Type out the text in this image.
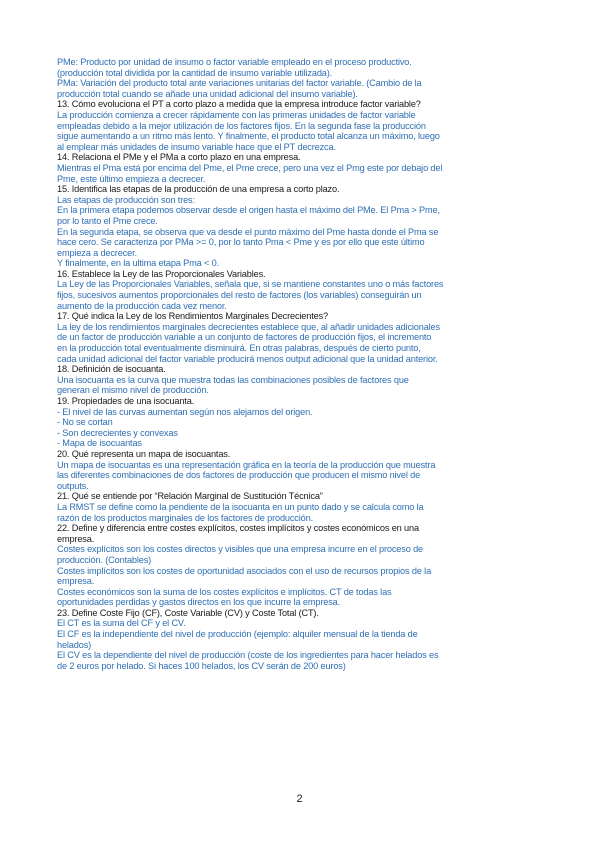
PMe: Producto por unidad de insumo o factor variable empleado en el proceso productivo.
(producción total dividida por la cantidad de insumo variable utilizada).
PMa: Variación del producto total ante variaciones unitarias del factor variable. (Cambio de la
producción total cuando se añade una unidad adicional del insumo variable).
13. Cómo evoluciona el PT a corto plazo a medida que la empresa introduce factor variable?
La producción comienza a crecer rápidamente con las primeras unidades de factor variable
empleadas debido a la mejor utilización de los factores fijos. En la segunda fase la producción
sigue aumentando a un ritmo más lento. Y finalmente, el producto total alcanza un máximo, luego
al emplear más unidades de insumo variable hace que el PT decrezca.
14. Relaciona el PMe y el PMa a corto plazo en una empresa.
Mientras el Pma está por encima del Pme, el Pme crece, pero una vez el Pmg este por debajo del
Pme, este último empieza a decrecer.
15. Identifica las etapas de la producción de una empresa a corto plazo.
Las etapas de producción son tres:
En la primera etapa podemos observar desde el origen hasta el máximo del PMe. El Pma > Pme,
por lo tanto el Pme crece.
En la segunda etapa, se observa que va desde el punto máximo del Pme hasta donde el Pma se
hace cero. Se caracteriza por PMa >= 0, por lo tanto Pma < Pme y es por ello que este último
empieza a decrecer.
Y finalmente, en la ultima etapa Pma < 0.
16. Establece la Ley de las Proporcionales Variables.
La Ley de las Proporcionales Variables, señala que, si se mantiene constantes uno o más factores
fijos, sucesivos aumentos proporcionales del resto de factores (los variables) conseguirán un
aumento de la producción cada vez menor.
17. Qué indica la Ley de los Rendimientos Marginales Decrecientes?
La ley de los rendimientos marginales decrecientes establece que, al añadir unidades adicionales
de un factor de producción variable a un conjunto de factores de producción fijos, el incremento
en la producción total eventualmente disminuirá. En otras palabras, después de cierto punto,
cada unidad adicional del factor variable producirá menos output adicional que la unidad anterior.
18. Definición de isocuanta.
Una isocuanta es la curva que muestra todas las combinaciones posibles de factores que
generan el mismo nivel de producción.
19. Propiedades de una isocuanta.
- El nivel de las curvas aumentan según nos alejamos del origen.
- No se cortan
- Son decrecientes y convexas
- Mapa de isocuantas
20. Qué representa un mapa de isocuantas.
Un mapa de isocuantas es una representación gráfica en la teoría de la producción que muestra
las diferentes combinaciones de dos factores de producción que producen el mismo nivel de
outputs.
21. Qué se entiende por “Relación Marginal de Sustitución Técnica”
La RMST se define como la pendiente de la isocuanta en un punto dado y se calcula como la
razón de los productos marginales de los factores de producción.
22. Define y diferencia entre costes explícitos, costes implícitos y costes económicos en una
empresa.
Costes explícitos son los costes directos y visibles que una empresa incurre en el proceso de
producción. (Contables)
Costes implícitos son los costes de oportunidad asociados con el uso de recursos propios de la
empresa.
Costes económicos son la suma de los costes explícitos e implícitos. CT de todas las
oportunidades perdidas y gastos directos en los que incurre la empresa.
23. Define Coste Fijo (CF), Coste Variable (CV) y Coste Total (CT).
El CT es la suma del CF y el CV.
El CF es la independiente del nivel de producción (ejemplo: alquiler mensual de la tienda de
helados)
El CV es la dependiente del nivel de producción (coste de los ingredientes para hacer helados es
de 2 euros por helado. Si haces 100 helados, los CV serán de 200 euros)
2
